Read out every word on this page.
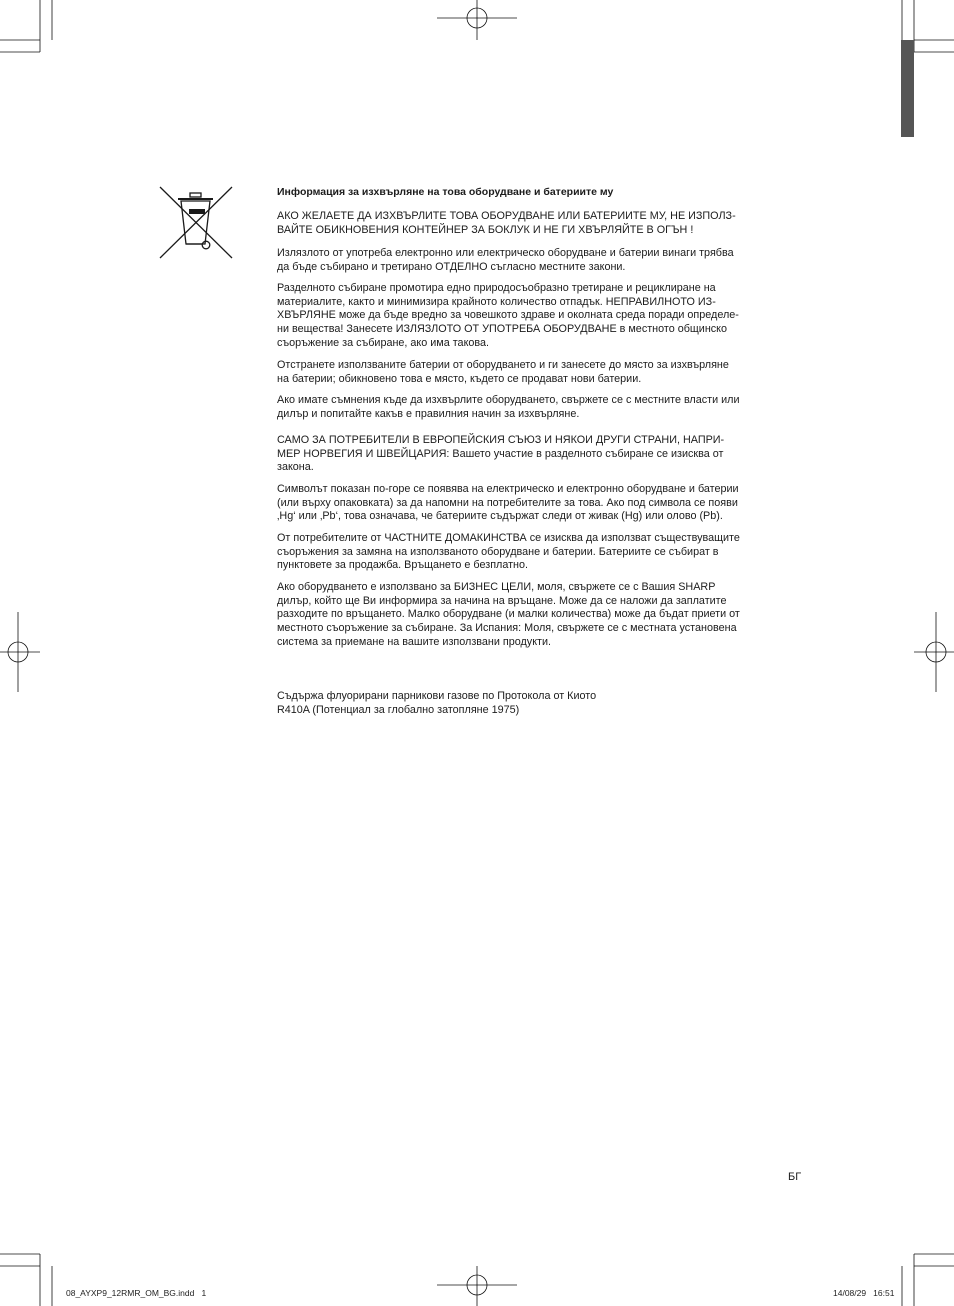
Информация за изхвърляне на това оборудване и батериите му
АКО ЖЕЛАЕТЕ ДА ИЗХВЪРЛИТЕ ТОВА ОБОРУДВАНЕ ИЛИ БАТЕРИИТЕ МУ, НЕ ИЗПОЛЗ-
ВАЙТЕ ОБИКНОВЕНИЯ КОНТЕЙНЕР ЗА БОКЛУК И НЕ ГИ ХВЪРЛЯЙТЕ В ОГЪН !
Излязлото от употреба електронно или електрическо оборудване и батерии винаги трябва
да бъде събирано и третирано ОТДЕЛНО съгласно местните закони.
Разделното събиране промотира едно природосъобразно третиране и рециклиране на
материалите, както и минимизира крайното количество отпадък. НЕПРАВИЛНОТО ИЗ-
ХВЪРЛЯНЕ може да бъде вредно за човешкото здраве и околната среда поради определе-
ни вещества! Занесете ИЗЛЯЗЛОТО ОТ УПОТРЕБА ОБОРУДВАНЕ в местното общинско
съоръжение за събиране, ако има такова.
Отстранете използваните батерии от оборудването и ги занесете до място за изхвърляне
на батерии; обикновено това е място, където се продават нови батерии.
Ако имате съмнения къде да изхвърлите оборудването, свържете се с местните власти или
дилър и попитайте какъв е правилния начин за изхвърляне.
САМО ЗА ПОТРЕБИТЕЛИ В ЕВРОПЕЙСКИЯ СЪЮЗ И НЯКОИ ДРУГИ СТРАНИ, НАПРИ-
МЕР НОРВЕГИЯ И ШВЕЙЦАРИЯ: Вашето участие в разделното събиране се изисква от
закона.
Символът показан по-горе се появява на електрическо и електронно оборудване и батерии
(или върху опаковката) за да напомни на потребителите за това. Ако под символа се появи
‚Hg‘ или ‚Pb‘, това означава, че батериите съдържат следи от живак (Hg) или олово (Pb).
От потребителите от ЧАСТНИТЕ ДОМАКИНСТВА се изисква да използват съществуващите
съоръжения за замяна на използваното оборудване и батерии. Батериите се събират в
пунктовете за продажба. Връщането е безплатно.
Ако оборудването е използвано за БИЗНЕС ЦЕЛИ, моля, свържете се с Вашия SHARP
дилър, който ще Ви информира за начина на връщане. Може да се наложи да заплатите
разходите по връщането. Малко оборудване (и малки количества) може да бъдат приети от
местното съоръжение за събиране. За Испания: Моля, свържете се с местната установена
система за приемане на вашите използвани продукти.
Съдържа флуорирани парникови газове по Протокола от Киото
R410A (Потенциал за глобално затопляне 1975)
БГ
08_AYXP9_12RMR_OM_BG.indd   1	14/08/29   16:51
